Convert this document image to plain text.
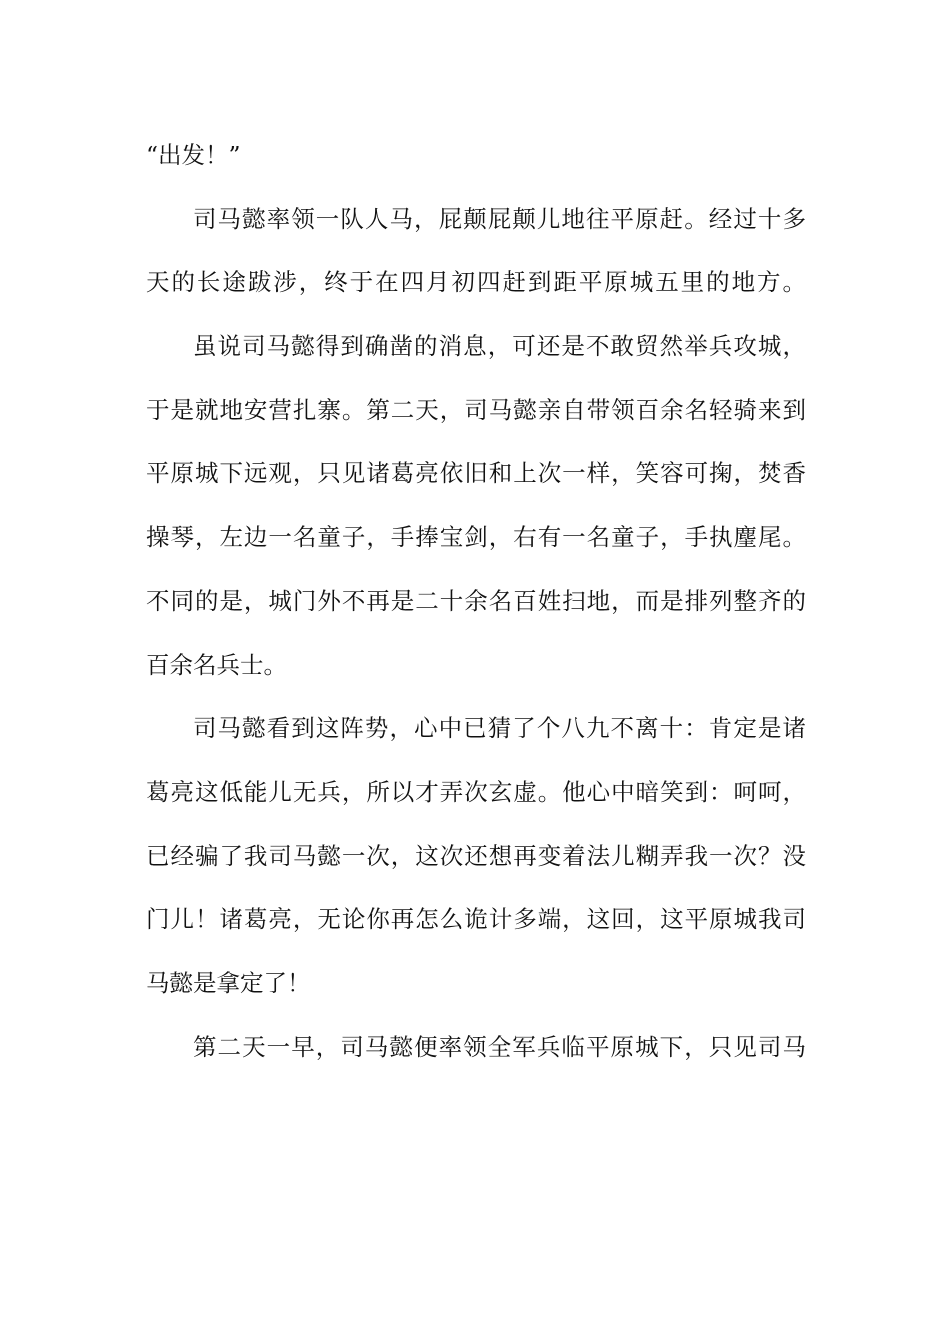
“出发！”
司马懿率领一队人马，屁颠屁颠儿地往平原赶。经过十多
天的长途跋涉，终于在四月初四赶到距平原城五里的地方。
虽说司马懿得到确凿的消息，可还是不敢贸然举兵攻城，
于是就地安营扎寨。第二天，司马懿亲自带领百余名轻骑来到
平原城下远观，只见诸葛亮依旧和上次一样，笑容可掬，焚香
操琴，左边一名童子，手捧宝剑，右有一名童子，手执麈尾。
不同的是，城门外不再是二十余名百姓扫地，而是排列整齐的
百余名兵士。
司马懿看到这阵势，心中已猜了个八九不离十：肯定是诸
葛亮这低能儿无兵，所以才弄次玄虚。他心中暗笑到：呵呵，
已经骗了我司马懿一次，这次还想再变着法儿糊弄我一次？没
门儿！诸葛亮，无论你再怎么诡计多端，这回，这平原城我司
马懿是拿定了！
第二天一早，司马懿便率领全军兵临平原城下，只见司马
